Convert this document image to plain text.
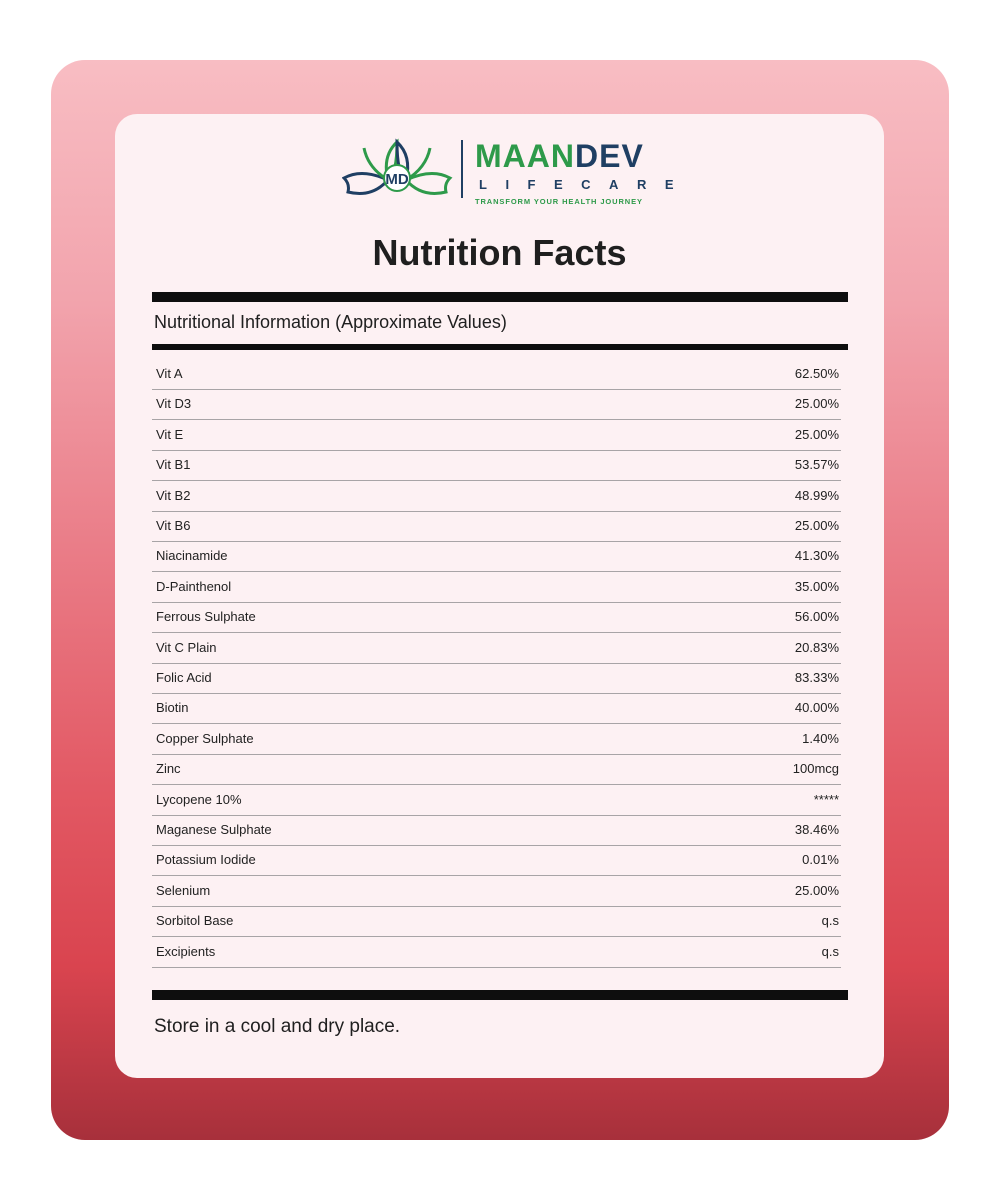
MD
MAANDEV
LIFECARE
TRANSFORM YOUR HEALTH JOURNEY
Nutrition Facts
Nutritional Information (Approximate Values)
Vit A	62.50%
Vit D3	25.00%
Vit E	25.00%
Vit B1	53.57%
Vit B2	48.99%
Vit B6	25.00%
Niacinamide	41.30%
D-Painthenol	35.00%
Ferrous Sulphate	56.00%
Vit C Plain	20.83%
Folic Acid	83.33%
Biotin	40.00%
Copper Sulphate	1.40%
Zinc	100mcg
Lycopene 10%	*****
Maganese Sulphate	38.46%
Potassium Iodide	0.01%
Selenium	25.00%
Sorbitol Base	q.s
Excipients	q.s
Store in a cool and dry place.
